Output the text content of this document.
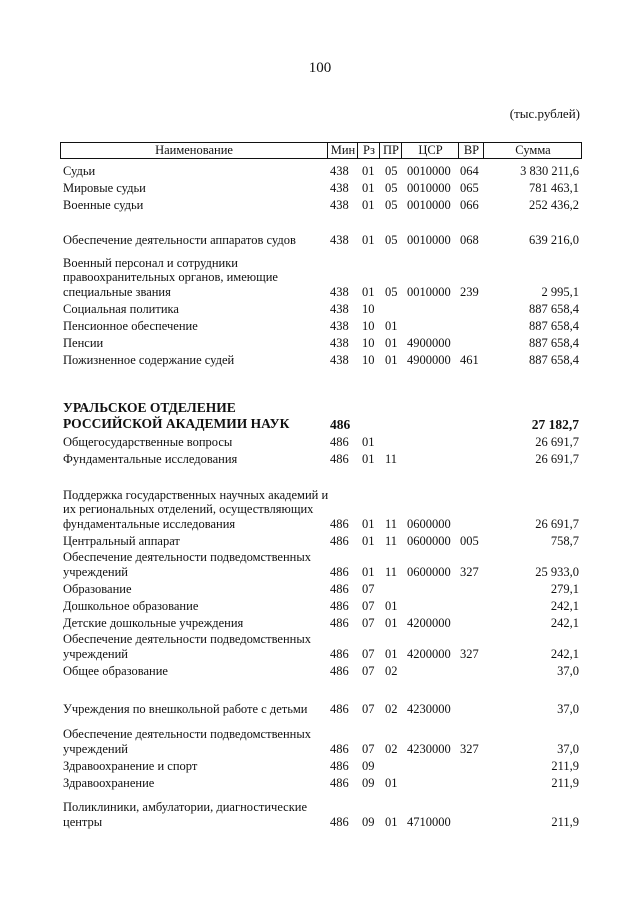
100
(тыс.рублей)
Наименование	Мин Рз ПР	ЦСР	ВР	Сумма
Судьи	438 01 05 0010000 064	3 830 211,6
Мировые судьи	438 01 05 0010000 065	781 463,1
Военные судьи	438 01 05 0010000 066	252 436,2
Обеспечение деятельности аппаратов судов	438 01 05 0010000 068	639 216,0
Военный персонал и сотрудники правоохранительных органов, имеющие специальные звания	438 01 05 0010000 239	2 995,1
Социальная политика	438 10	887 658,4
Пенсионное обеспечение	438 10 01	887 658,4
Пенсии	438 10 01 4900000	887 658,4
Пожизненное содержание судей	438 10 01 4900000 461	887 658,4
УРАЛЬСКОЕ ОТДЕЛЕНИЕ РОССИЙСКОЙ АКАДЕМИИ НАУК	486	27 182,7
Общегосударственные вопросы	486 01	26 691,7
Фундаментальные исследования	486 01 11	26 691,7
Поддержка государственных научных академий и их региональных отделений, осуществляющих фундаментальные исследования	486 01 11 0600000	26 691,7
Центральный аппарат	486 01 11 0600000 005	758,7
Обеспечение деятельности подведомственных учреждений	486 01 11 0600000 327	25 933,0
Образование	486 07	279,1
Дошкольное образование	486 07 01	242,1
Детские дошкольные учреждения	486 07 01 4200000	242,1
Обеспечение деятельности подведомственных учреждений	486 07 01 4200000 327	242,1
Общее образование	486 07 02	37,0
Учреждения по внешкольной работе с детьми	486 07 02 4230000	37,0
Обеспечение деятельности подведомственных учреждений	486 07 02 4230000 327	37,0
Здравоохранение и спорт	486 09	211,9
Здравоохранение	486 09 01	211,9
Поликлиники, амбулатории, диагностические центры	486 09 01 4710000	211,9
